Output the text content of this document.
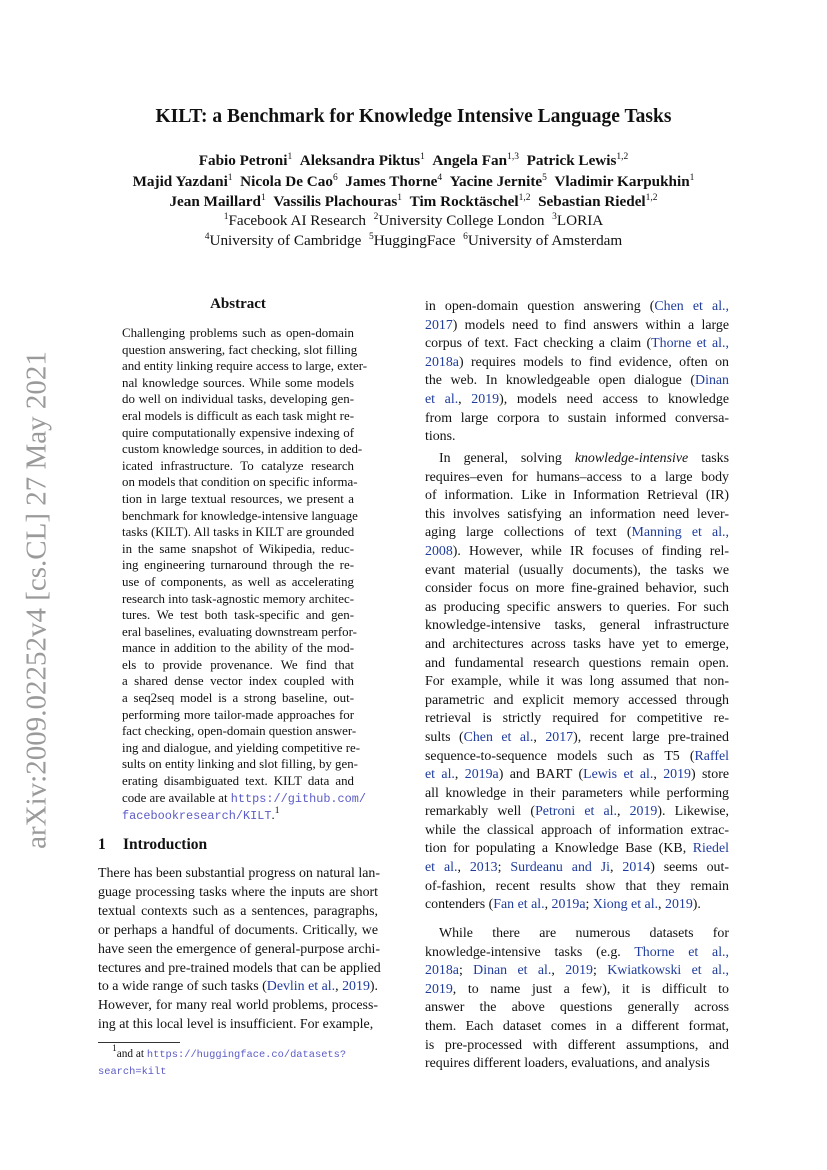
arXiv:2009.02252v4 [cs.CL] 27 May 2021
KILT: a Benchmark for Knowledge Intensive Language Tasks
Fabio Petroni$^1$  Aleksandra Piktus$^1$  Angela Fan$^{1,3}$  Patrick Lewis$^{1,2}$
Majid Yazdani$^1$  Nicola De Cao$^6$  James Thorne$^4$  Yacine Jernite$^5$  Vladimir Karpukhin$^1$
Jean Maillard$^1$  Vassilis Plachouras$^1$  Tim Rocktäschel$^{1,2}$  Sebastian Riedel$^{1,2}$
$^1$Facebook AI Research  $^2$University College London  $^3$LORIA
$^4$University of Cambridge  $^5$HuggingFace  $^6$University of Amsterdam
Abstract
Challenging problems such as open-domain
question answering, fact checking, slot filling
and entity linking require access to large, exter-
nal knowledge sources. While some models
do well on individual tasks, developing gen-
eral models is difficult as each task might re-
quire computationally expensive indexing of
custom knowledge sources, in addition to ded-
icated infrastructure. To catalyze research
on models that condition on specific informa-
tion in large textual resources, we present a
benchmark for knowledge-intensive language
tasks (KILT). All tasks in KILT are grounded
in the same snapshot of Wikipedia, reduc-
ing engineering turnaround through the re-
use of components, as well as accelerating
research into task-agnostic memory architec-
tures. We test both task-specific and gen-
eral baselines, evaluating downstream perfor-
mance in addition to the ability of the mod-
els to provide provenance. We find that
a shared dense vector index coupled with
a seq2seq model is a strong baseline, out-
performing more tailor-made approaches for
fact checking, open-domain question answer-
ing and dialogue, and yielding competitive re-
sults on entity linking and slot filling, by gen-
erating disambiguated text. KILT data and
code are available at https://github.com/
facebookresearch/KILT.$^1$
1 Introduction
There has been substantial progress on natural lan-
guage processing tasks where the inputs are short
textual contexts such as a sentences, paragraphs,
or perhaps a handful of documents. Critically, we
have seen the emergence of general-purpose archi-
tectures and pre-trained models that can be applied
to a wide range of such tasks (Devlin et al., 2019).
However, for many real world problems, process-
ing at this local level is insufficient. For example,
$^1$and at https://huggingface.co/datasets?
search=kilt
in open-domain question answering (Chen et al.,
2017) models need to find answers within a large
corpus of text. Fact checking a claim (Thorne et al.,
2018a) requires models to find evidence, often on
the web. In knowledgeable open dialogue (Dinan
et al., 2019), models need access to knowledge
from large corpora to sustain informed conversa-
tions.
In general, solving knowledge-intensive tasks
requires–even for humans–access to a large body
of information. Like in Information Retrieval (IR)
this involves satisfying an information need lever-
aging large collections of text (Manning et al.,
2008). However, while IR focuses of finding rel-
evant material (usually documents), the tasks we
consider focus on more fine-grained behavior, such
as producing specific answers to queries. For such
knowledge-intensive tasks, general infrastructure
and architectures across tasks have yet to emerge,
and fundamental research questions remain open.
For example, while it was long assumed that non-
parametric and explicit memory accessed through
retrieval is strictly required for competitive re-
sults (Chen et al., 2017), recent large pre-trained
sequence-to-sequence models such as T5 (Raffel
et al., 2019a) and BART (Lewis et al., 2019) store
all knowledge in their parameters while performing
remarkably well (Petroni et al., 2019). Likewise,
while the classical approach of information extrac-
tion for populating a Knowledge Base (KB, Riedel
et al., 2013; Surdeanu and Ji, 2014) seems out-
of-fashion, recent results show that they remain
contenders (Fan et al., 2019a; Xiong et al., 2019).
While there are numerous datasets for
knowledge-intensive tasks (e.g. Thorne et al.,
2018a; Dinan et al., 2019; Kwiatkowski et al.,
2019, to name just a few), it is difficult to
answer the above questions generally across
them. Each dataset comes in a different format,
is pre-processed with different assumptions, and
requires different loaders, evaluations, and analysis
